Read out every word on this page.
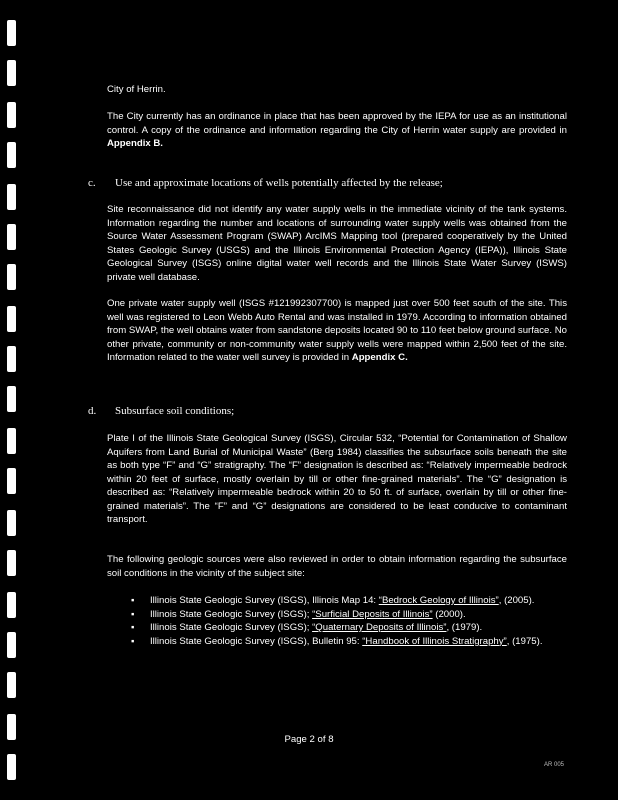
City of Herrin.

The City currently has an ordinance in place that has been approved by the IEPA for use as an institutional control. A copy of the ordinance and information regarding the City of Herrin water supply are provided in Appendix B.

c. Use and approximate locations of wells potentially affected by the release;

Site reconnaissance did not identify any water supply wells in the immediate vicinity of the tank systems. Information regarding the number and locations of surrounding water supply wells was obtained from the Source Water Assessment Program (SWAP) ArcIMS Mapping tool (prepared cooperatively by the United States Geologic Survey (USGS) and the Illinois Environmental Protection Agency (IEPA)), Illinois State Geological Survey (ISGS) online digital water well records and the Illinois State Water Survey (ISWS) private well database.

One private water supply well (ISGS #121992307700) is mapped just over 500 feet south of the site. This well was registered to Leon Webb Auto Rental and was installed in 1979. According to information obtained from SWAP, the well obtains water from sandstone deposits located 90 to 110 feet below ground surface. No other private, community or non-community water supply wells were mapped within 2,500 feet of the site. Information related to the water well survey is provided in Appendix C.

d. Subsurface soil conditions;

Plate I of the Illinois State Geological Survey (ISGS), Circular 532, “Potential for Contamination of Shallow Aquifers from Land Burial of Municipal Waste” (Berg 1984) classifies the subsurface soils beneath the site as both type “F” and “G” stratigraphy. The “F” designation is described as: “Relatively impermeable bedrock within 20 feet of surface, mostly overlain by till or other fine-grained materials”. The “G” designation is described as: “Relatively impermeable bedrock within 20 to 50 ft. of surface, overlain by till or other fine-grained materials”. The “F” and “G” designations are considered to be least conducive to contaminant transport.

The following geologic sources were also reviewed in order to obtain information regarding the subsurface soil conditions in the vicinity of the subject site:

▪ Illinois State Geologic Survey (ISGS), Illinois Map 14: “Bedrock Geology of Illinois”, (2005).
▪ Illinois State Geologic Survey (ISGS); “Surficial Deposits of Illinois” (2000).
▪ Illinois State Geologic Survey (ISGS); “Quaternary Deposits of Illinois”, (1979).
▪ Illinois State Geologic Survey (ISGS), Bulletin 95: “Handbook of Illinois Stratigraphy”, (1975).
Page 2 of 8
AR 005
